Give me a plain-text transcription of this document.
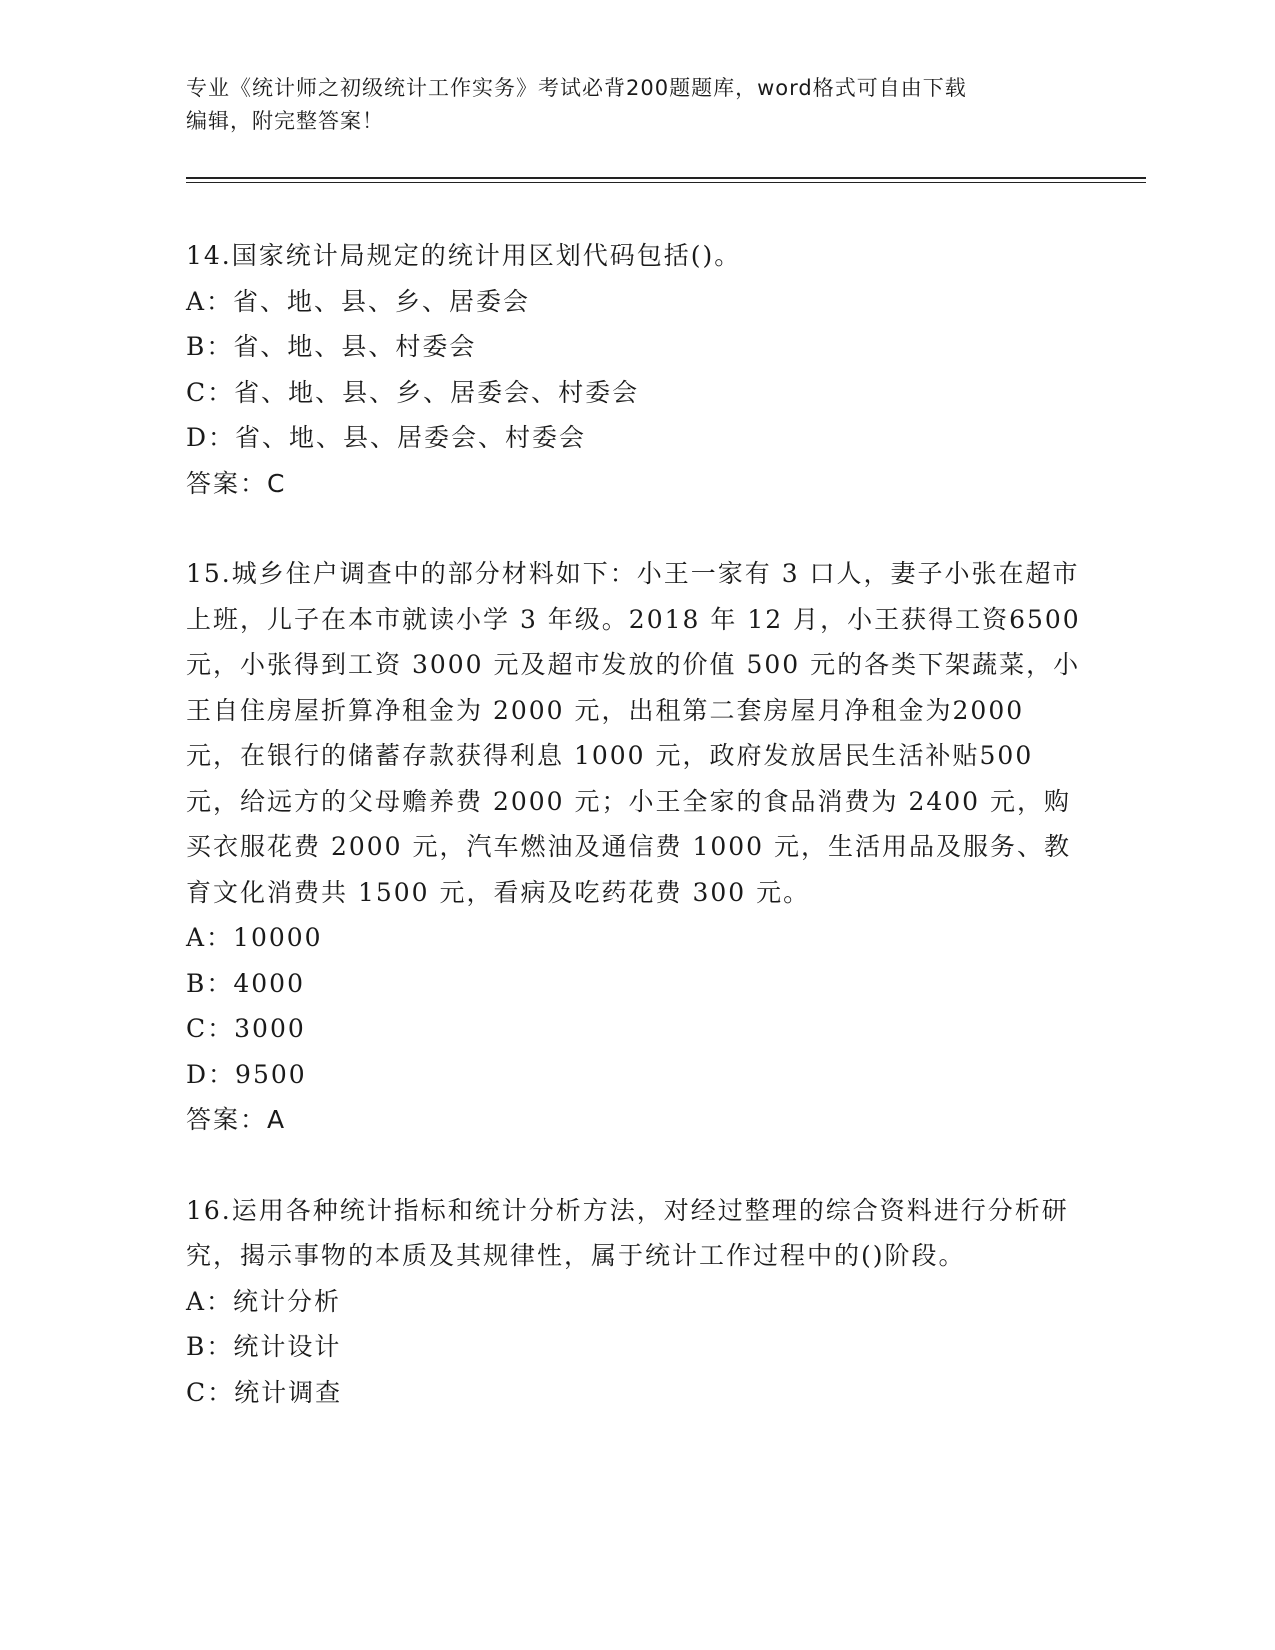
专业《统计师之初级统计工作实务》考试必背200题题库，word格式可自由下载
编辑，附完整答案！

14.国家统计局规定的统计用区划代码包括()。

A：省、地、县、乡、居委会

B：省、地、县、村委会

C：省、地、县、乡、居委会、村委会

D：省、地、县、居委会、村委会

答案：C

15.城乡住户调查中的部分材料如下：小王一家有 3 口人，妻子小张在超市上班，儿子在本市就读小学 3 年级。2018 年 12 月，小王获得工资6500 元，小张得到工资 3000 元及超市发放的价值 500 元的各类下架蔬菜，小王自住房屋折算净租金为 2000 元，出租第二套房屋月净租金为2000 元，在银行的储蓄存款获得利息 1000 元，政府发放居民生活补贴500 元，给远方的父母赡养费 2000 元；小王全家的食品消费为 2400 元，购买衣服花费 2000 元，汽车燃油及通信费 1000 元，生活用品及服务、教育文化消费共 1500 元，看病及吃药花费 300 元。

A：10000

B：4000

C：3000

D：9500

答案：A

16.运用各种统计指标和统计分析方法，对经过整理的综合资料进行分析研究，揭示事物的本质及其规律性，属于统计工作过程中的()阶段。

A：统计分析

B：统计设计

C：统计调查
